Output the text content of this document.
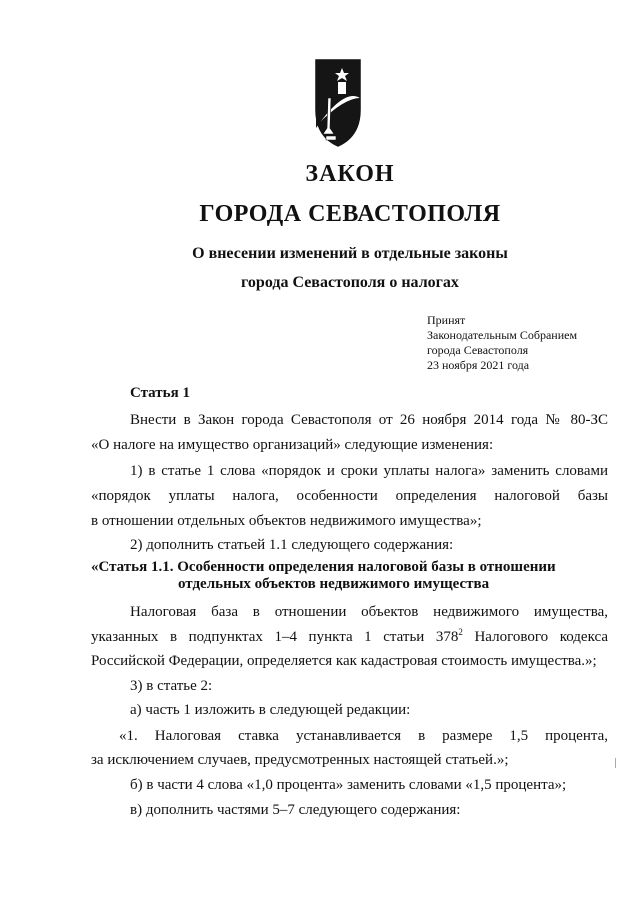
ЗАКОН
ГОРОДА СЕВАСТОПОЛЯ
О внесении изменений в отдельные законы
города Севастополя о налогах
Принят
Законодательным Собранием
города Севастополя
23 ноября 2021 года
Статья 1
Внести в Закон города Севастополя от 26 ноября 2014 года № 80-ЗС
«О налоге на имущество организаций» следующие изменения:
1) в статье 1 слова «порядок и сроки уплаты налога» заменить словами
«порядок уплаты налога, особенности определения налоговой базы
в отношении отдельных объектов недвижимого имущества»;
2) дополнить статьей 1.1 следующего содержания:
«Статья 1.1. Особенности определения налоговой базы в отношении
отдельных объектов недвижимого имущества
Налоговая база в отношении объектов недвижимого имущества,
указанных в подпунктах 1–4 пункта 1 статьи $378^2$ Налогового кодекса
Российской Федерации, определяется как кадастровая стоимость имущества.»;
3) в статье 2:
а) часть 1 изложить в следующей редакции:
«1. Налоговая ставка устанавливается в размере 1,5 процента,
за исключением случаев, предусмотренных настоящей статьей.»;
б) в части 4 слова «1,0 процента» заменить словами «1,5 процента»;
в) дополнить частями 5–7 следующего содержания:
